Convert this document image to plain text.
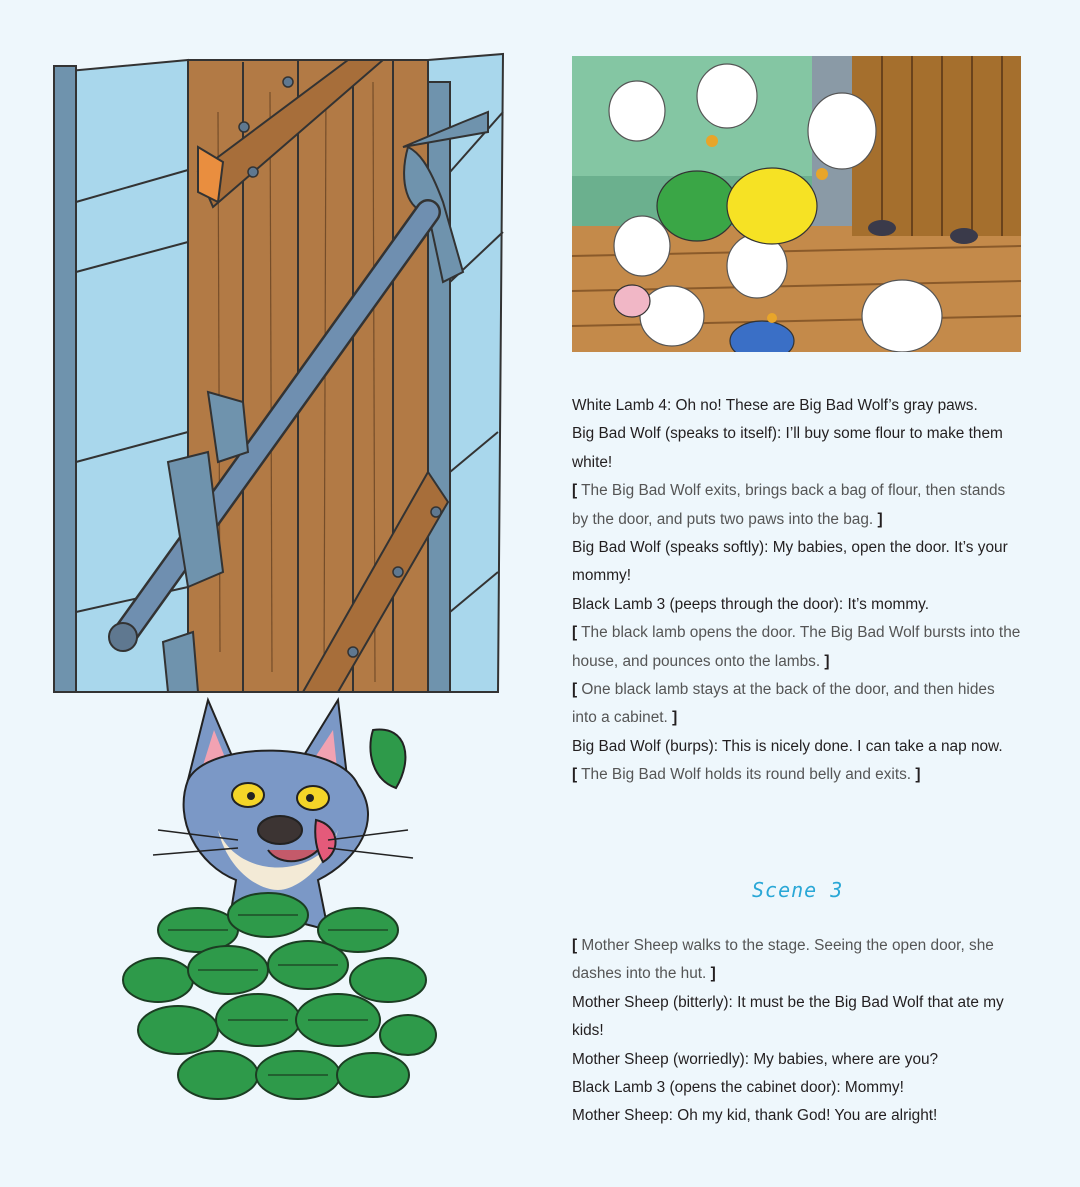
White Lamb 4: Oh no! These are Big Bad Wolf’s gray paws.

Big Bad Wolf (speaks to itself): I’ll buy some flour to make them white!

[ The Big Bad Wolf exits, brings back a bag of flour, then stands by the door, and puts two paws into the bag. ]

Big Bad Wolf (speaks softly): My babies, open the door. It’s your mommy!

Black Lamb 3 (peeps through the door): It’s mommy.

[ The black lamb opens the door. The Big Bad Wolf bursts into the house, and pounces onto the lambs. ]

[ One black lamb stays at the back of the door, and then hides into a cabinet. ]

Big Bad Wolf (burps): This is nicely done. I can take a nap now.

[ The Big Bad Wolf holds its round belly and exits. ]

Scene 3

[ Mother Sheep walks to the stage. Seeing the open door, she dashes into the hut. ]

Mother Sheep (bitterly): It must be the Big Bad Wolf that ate my kids!

Mother Sheep (worriedly): My babies, where are you?

Black Lamb 3 (opens the cabinet door): Mommy!

Mother Sheep: Oh my kid, thank God! You are alright!
